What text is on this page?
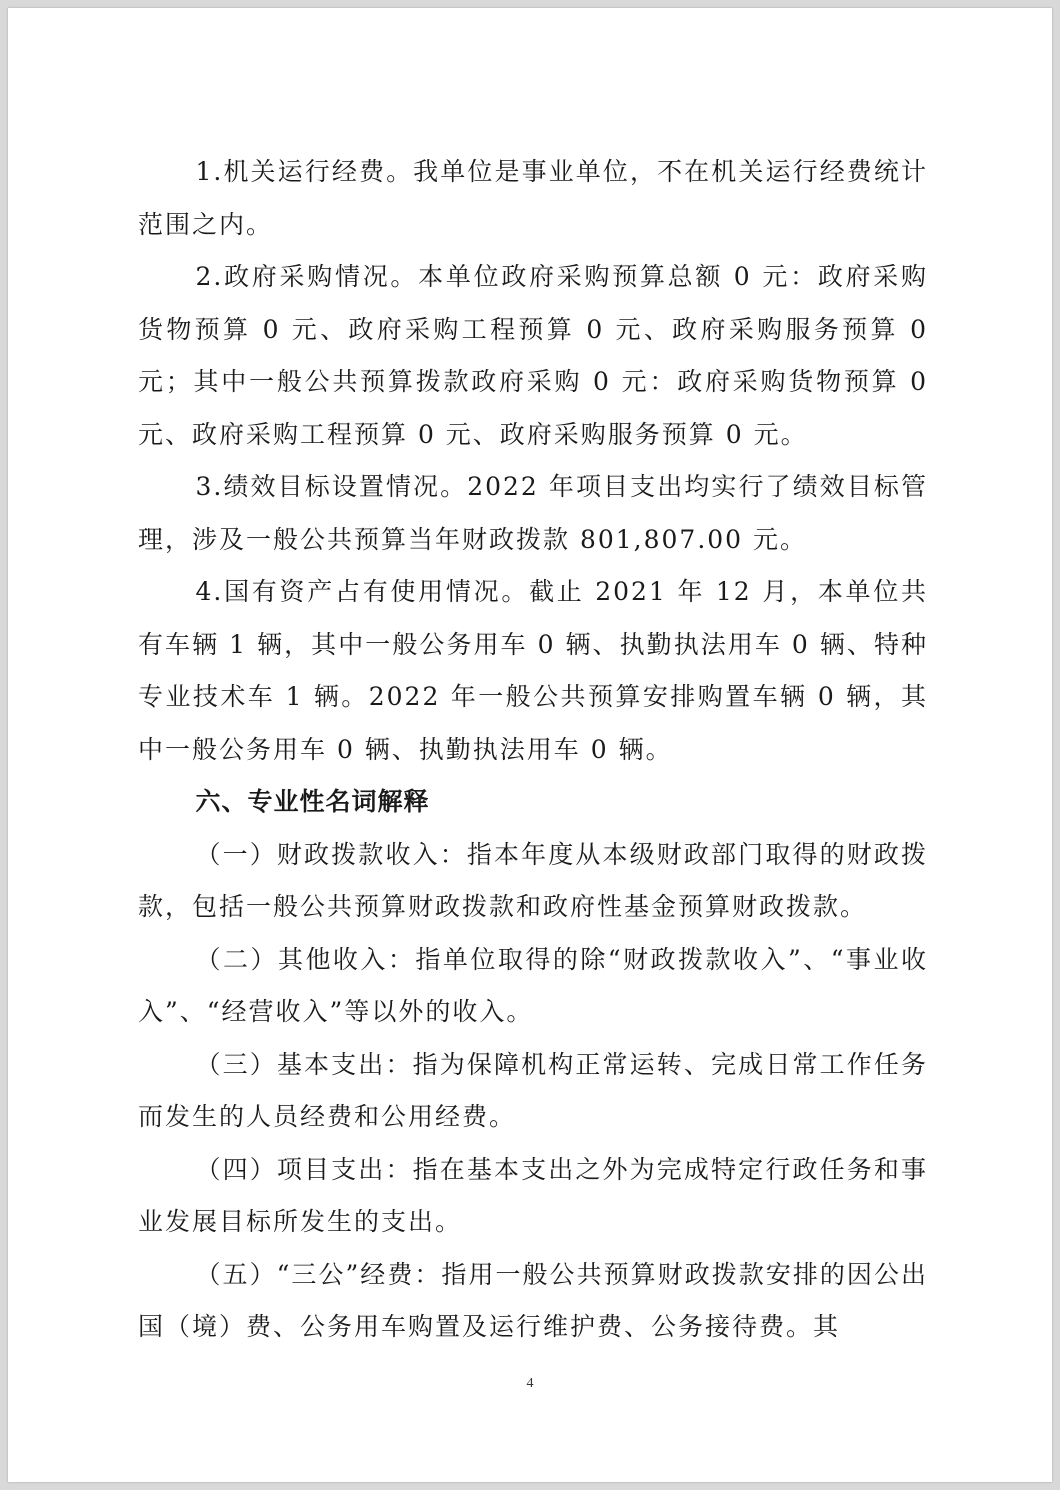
1.机关运行经费。我单位是事业单位，不在机关运行经费统计范围之内。

2.政府采购情况。本单位政府采购预算总额 0 元：政府采购货物预算 0 元、政府采购工程预算 0 元、政府采购服务预算 0 元；其中一般公共预算拨款政府采购 0 元：政府采购货物预算 0 元、政府采购工程预算 0 元、政府采购服务预算 0 元。

3.绩效目标设置情况。2022 年项目支出均实行了绩效目标管理，涉及一般公共预算当年财政拨款 801,807.00 元。

4.国有资产占有使用情况。截止 2021 年 12 月，本单位共有车辆 1 辆，其中一般公务用车 0 辆、执勤执法用车 0 辆、特种专业技术车 1 辆。2022 年一般公共预算安排购置车辆 0 辆，其中一般公务用车 0 辆、执勤执法用车 0 辆。

六、专业性名词解释

（一）财政拨款收入：指本年度从本级财政部门取得的财政拨款，包括一般公共预算财政拨款和政府性基金预算财政拨款。

（二）其他收入：指单位取得的除“财政拨款收入”、“事业收入”、“经营收入”等以外的收入。

（三）基本支出：指为保障机构正常运转、完成日常工作任务而发生的人员经费和公用经费。

（四）项目支出：指在基本支出之外为完成特定行政任务和事业发展目标所发生的支出。

（五）“三公”经费：指用一般公共预算财政拨款安排的因公出国（境）费、公务用车购置及运行维护费、公务接待费。其

4
